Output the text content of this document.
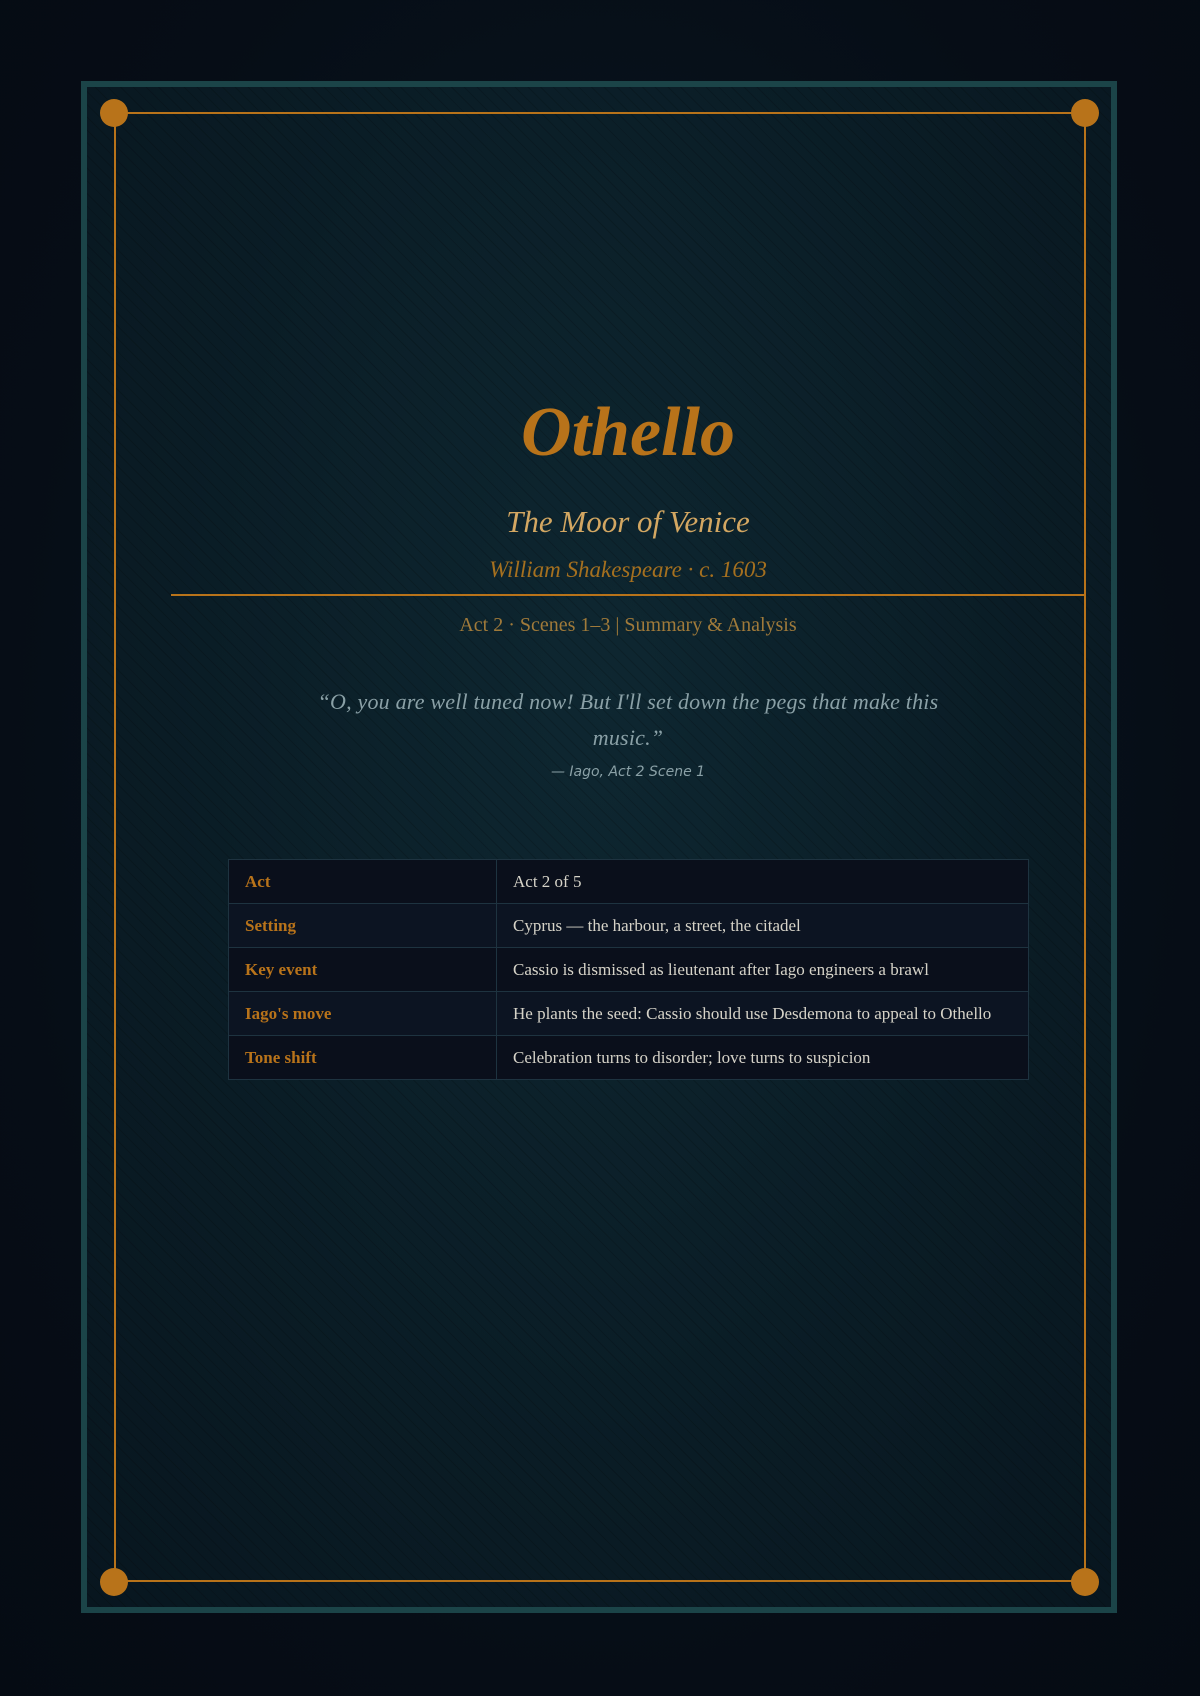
Othello
The Moor of Venice
William Shakespeare · c. 1603
Act 2 · Scenes 1–3 | Summary & Analysis
“O, you are well tuned now! But I'll set down the pegs that make this music.”
— Iago, Act 2 Scene 1
Act	Act 2 of 5
Setting	Cyprus — the harbour, a street, the citadel
Key event	Cassio is dismissed as lieutenant after Iago engineers a brawl
Iago's move	He plants the seed: Cassio should use Desdemona to appeal to Othello
Tone shift	Celebration turns to disorder; love turns to suspicion
